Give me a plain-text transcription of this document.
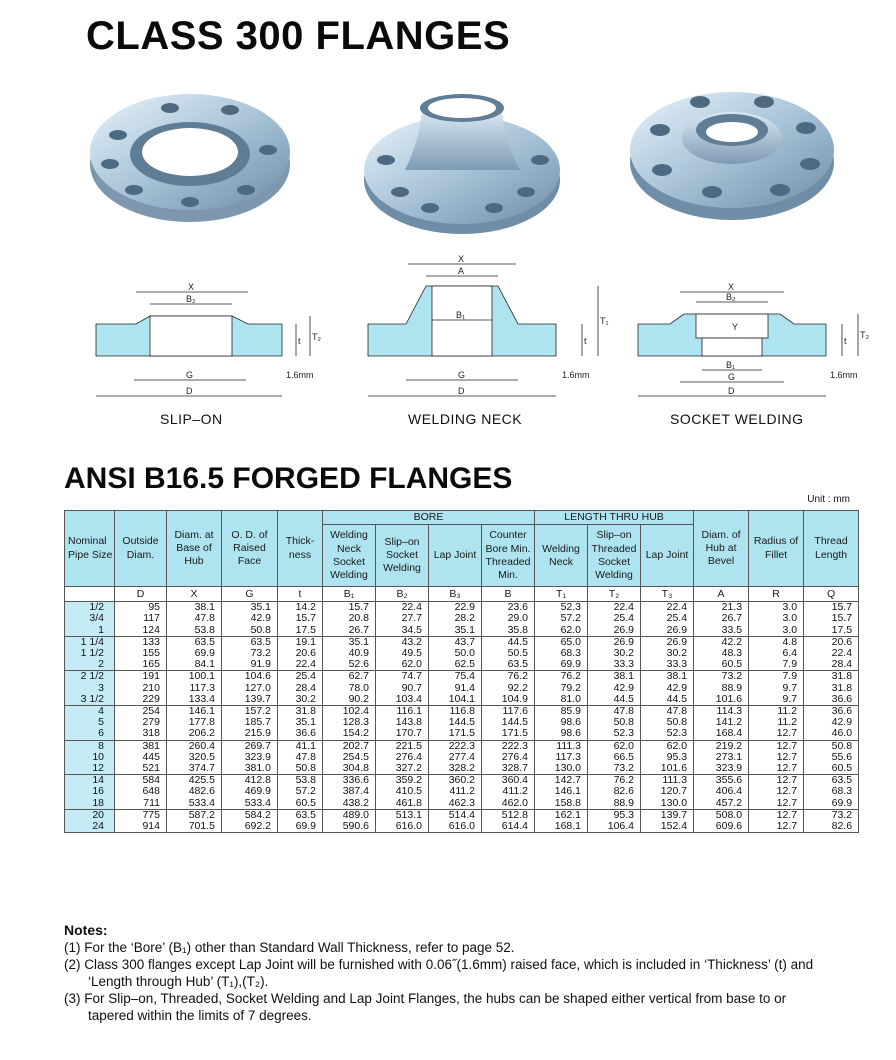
CLASS 300 FLANGES
X
B₂
G
D
T₂
t
1.6mm
X
A
B₁
G
D
T₁
t
1.6mm
X
B₂
Y
B₁
G
D
T₂
t
1.6mm
SLIP–ON	WELDING NECK	SOCKET WELDING
ANSI B16.5 FORGED FLANGES
Unit : mm
Nominal Pipe Size	Outside Diam.	Diam. at Base of Hub	O. D. of Raised Face	Thick- ness	BORE				LENGTH THRU HUB			Diam. of Hub at Bevel	Radius of Fillet	Thread Length
					Welding Neck Socket Welding	Slip–on Socket Welding	Lap Joint	Counter Bore Min. Threaded Min.	Welding Neck	Slip–on Threaded Socket Welding	Lap Joint			
	D	X	G	t	B₁	B₂	B₃	B	T₁	T₂	T₃	A	R	Q
1/2	95	38.1	35.1	14.2	15.7	22.4	22.9	23.6	52.3	22.4	22.4	21.3	3.0	15.7
3/4	117	47.8	42.9	15.7	20.8	27.7	28.2	29.0	57.2	25.4	25.4	26.7	3.0	15.7
1	124	53.8	50.8	17.5	26.7	34.5	35.1	35.8	62.0	26.9	26.9	33.5	3.0	17.5
1 1/4	133	63.5	63.5	19.1	35.1	43.2	43.7	44.5	65.0	26.9	26.9	42.2	4.8	20.6
1 1/2	155	69.9	73.2	20.6	40.9	49.5	50.0	50.5	68.3	30.2	30.2	48.3	6.4	22.4
2	165	84.1	91.9	22.4	52.6	62.0	62.5	63.5	69.9	33.3	33.3	60.5	7.9	28.4
2 1/2	191	100.1	104.6	25.4	62.7	74.7	75.4	76.2	76.2	38.1	38.1	73.2	7.9	31.8
3	210	117.3	127.0	28.4	78.0	90.7	91.4	92.2	79.2	42.9	42.9	88.9	9.7	31.8
3 1/2	229	133.4	139.7	30.2	90.2	103.4	104.1	104.9	81.0	44.5	44.5	101.6	9.7	36.6
4	254	146.1	157.2	31.8	102.4	116.1	116.8	117.6	85.9	47.8	47.8	114.3	11.2	36.6
5	279	177.8	185.7	35.1	128.3	143.8	144.5	144.5	98.6	50.8	50.8	141.2	11.2	42.9
6	318	206.2	215.9	36.6	154.2	170.7	171.5	171.5	98.6	52.3	52.3	168.4	12.7	46.0
8	381	260.4	269.7	41.1	202.7	221.5	222.3	222.3	111.3	62.0	62.0	219.2	12.7	50.8
10	445	320.5	323.9	47.8	254.5	276.4	277.4	276.4	117.3	66.5	95.3	273.1	12.7	55.6
12	521	374.7	381.0	50.8	304.8	327.2	328.2	328.7	130.0	73.2	101.6	323.9	12.7	60.5
14	584	425.5	412.8	53.8	336.6	359.2	360.2	360.4	142.7	76.2	111.3	355.6	12.7	63.5
16	648	482.6	469.9	57.2	387.4	410.5	411.2	411.2	146.1	82.6	120.7	406.4	12.7	68.3
18	711	533.4	533.4	60.5	438.2	461.8	462.3	462.0	158.8	88.9	130.0	457.2	12.7	69.9
20	775	587.2	584.2	63.5	489.0	513.1	514.4	512.8	162.1	95.3	139.7	508.0	12.7	73.2
24	914	701.5	692.2	69.9	590.6	616.0	616.0	614.4	168.1	106.4	152.4	609.6	12.7	82.6

Notes:

(1) For the ‘Bore’ (B₁) other than Standard Wall Thickness, refer to page 52.

(2) Class 300 flanges except Lap Joint will be furnished with 0.06˝(1.6mm) raised face, which is included in ‘Thickness’ (t) and

‘Length through Hub’ (T₁),(T₂).

(3) For Slip–on, Threaded, Socket Welding and Lap Joint Flanges, the hubs can be shaped either vertical from base to or

tapered within the limits of 7 degrees.
